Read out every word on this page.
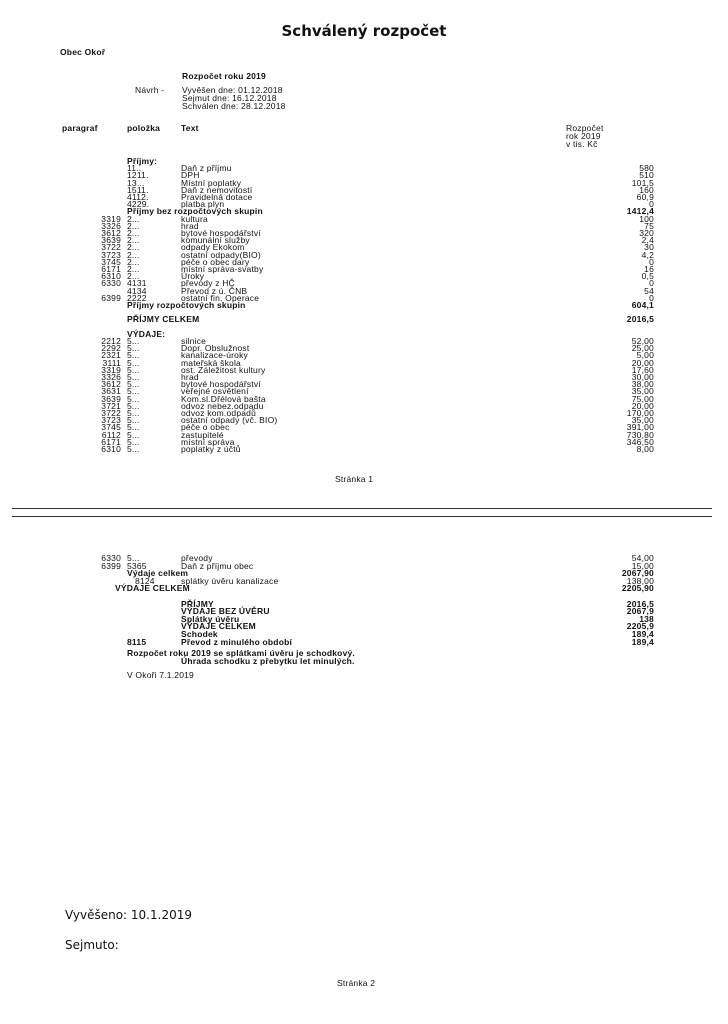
Schválený rozpočet
Obec Okoř
Rozpočet roku 2019
Návrh - Vyvěšen dne: 01.12.2018
Sejmut dne: 16.12.2018
Schválen dne: 28.12.2018
paragraf	položka Text	Rozpočet
rok 2019
v tis. Kč
Příjmy:
11..	Daň z příjmu	580
1211.	DPH	510
13...	Místní poplatky	101,5
1511.	Daň z nemovitostí	160
4112.	Pravidelná dotace	60,9
4229.	platba plyn	0
Příjmy bez rozpočtových skupin	1412,4
3319 2...	kultura	100
3326 2...	hrad	75
3612 2...	bytové hospodářství	320
3639 2...	komunální služby	2,4
3722 2...	odpady Ekokom	30
3723 2...	ostatní odpady(BIO)	4,2
3745 2...	péče o obec dary	0
6171 2...	místní správa-svatby	16
6310 2...	Úroky	0,5
6330 4131	převody z HČ	0
4134	Převod z ú. ČNB	54
6399 2222	ostatní fin. Operace	0
Příjmy rozpočtových skupin	604,1
PŘÍJMY CELKEM	2016,5
VÝDAJE:
2212 5...	silnice	52,00
2292 5...	Dopr. Obslužnost	25,00
2321 5...	kanalizace-úroky	5,00
3111 5...	mateřská škola	20,00
3319 5...	ost. Záležitost kultury	17,60
3326 5...	hrad	30,00
3612 5...	bytové hospodářství	38,00
3631 5...	veřejné osvětlení	35,00
3639 5...	Kom.sl.Dřélová bašta	75,00
3721 5...	odvoz nebez.odpadu	20,00
3722 5...	odvoz kom.odpadů	170,00
3723 5...	ostatní odpady (vč. BIO)	35,00
3745 5...	péče o obec	391,00
6112 5...	zastupitelé	730,80
6171 5...	místní správa	346,50
6310 5...	poplatky z účtů	8,00
Stránka 1
6330 5...	převody	54,00
6399 5365	Daň z příjmu obec	15,00
Výdaje celkem	2067,90
8124	splátky úvěru kanalizace	138,00
VÝDAJE CELKEM	2205,90
PŘÍJMY	2016,5
VÝDAJE BEZ ÚVĚRU	2067,9
Splátky úvěru	138
VÝDAJE CELKEM	2205,9
Schodek	189,4
8115	Převod z minulého období	189,4
Rozpočet roku 2019 se splátkami úvěru je schodkový.
Úhrada schodku z přebytku let minulých.
V Okoři 7.1.2019
Vyvěšeno: 10.1.2019
Sejmuto:
Stránka 2
